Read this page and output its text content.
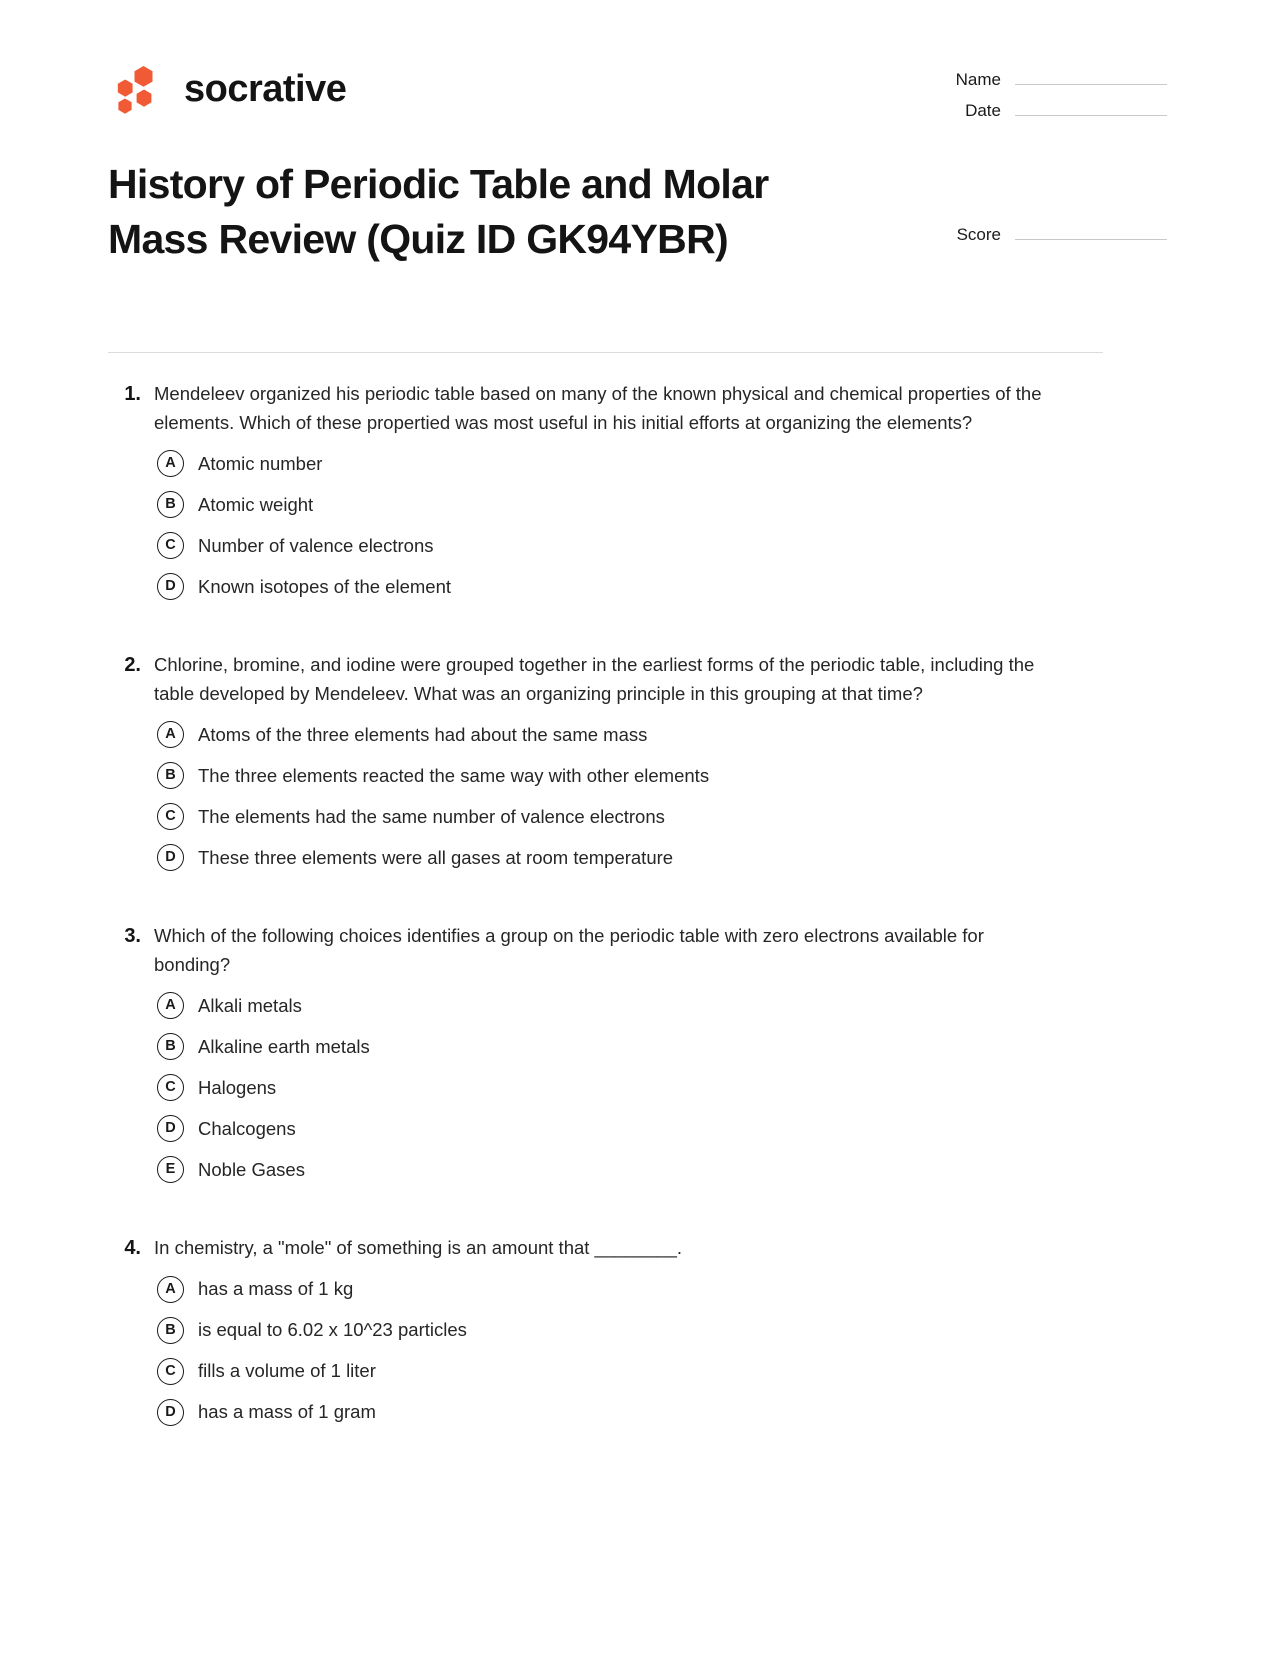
socrative	Name
Date
Score
History of Periodic Table and Molar Mass Review (Quiz ID GK94YBR)
1. Mendeleev organized his periodic table based on many of the known physical and chemical properties of the elements. Which of these propertied was most useful in his initial efforts at organizing the elements?
A	Atomic number
B	Atomic weight
C	Number of valence electrons
D	Known isotopes of the element
2. Chlorine, bromine, and iodine were grouped together in the earliest forms of the periodic table, including the table developed by Mendeleev. What was an organizing principle in this grouping at that time?
A	Atoms of the three elements had about the same mass
B	The three elements reacted the same way with other elements
C	The elements had the same number of valence electrons
D	These three elements were all gases at room temperature
3. Which of the following choices identifies a group on the periodic table with zero electrons available for bonding?
A	Alkali metals
B	Alkaline earth metals
C	Halogens
D	Chalcogens
E	Noble Gases
4. In chemistry, a "mole" of something is an amount that ________.
A	has a mass of 1 kg
B	is equal to 6.02 x 10^23 particles
C	fills a volume of 1 liter
D	has a mass of 1 gram
